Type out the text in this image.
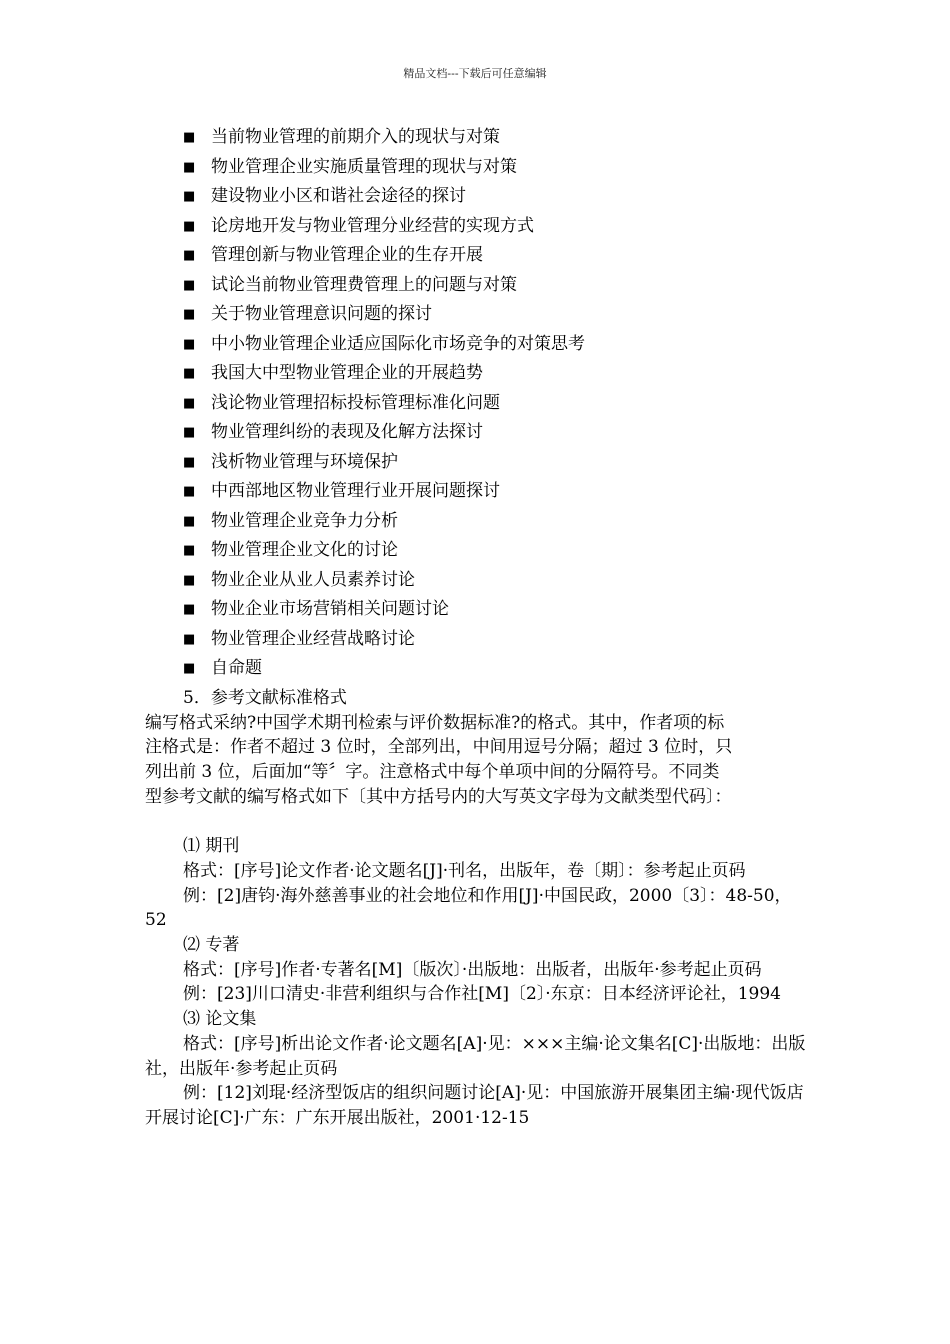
精品文档---下载后可任意编辑
■ 当前物业管理的前期介入的现状与对策
■ 物业管理企业实施质量管理的现状与对策
■ 建设物业小区和谐社会途径的探讨
■ 论房地开发与物业管理分业经营的实现方式
■ 管理创新与物业管理企业的生存开展
■ 试论当前物业管理费管理上的问题与对策
■ 关于物业管理意识问题的探讨
■ 中小物业管理企业适应国际化市场竞争的对策思考
■ 我国大中型物业管理企业的开展趋势
■ 浅论物业管理招标投标管理标准化问题
■ 物业管理纠纷的表现及化解方法探讨
■ 浅析物业管理与环境保护
■ 中西部地区物业管理行业开展问题探讨
■ 物业管理企业竞争力分析
■ 物业管理企业文化的讨论
■ 物业企业从业人员素养讨论
■ 物业企业市场营销相关问题讨论
■ 物业管理企业经营战略讨论
■ 自命题

5．参考文献标准格式

编写格式采纳?中国学术期刊检索与评价数据标准?的格式。其中，作者项的标
注格式是：作者不超过 3 位时，全部列出，中间用逗号分隔；超过 3 位时，只
列出前 3 位，后面加“等〞字。注意格式中每个单项中间的分隔符号。不同类
型参考文献的编写格式如下〔其中方括号内的大写英文字母为文献类型代码〕：

⑴ 期刊

格式：[序号]论文作者·论文题名[J]·刊名，出版年，卷〔期〕：参考起止页码

例：[2]唐钧·海外慈善事业的社会地位和作用[J]·中国民政，2000〔3〕：48-50，52

⑵ 专著

格式：[序号]作者·专著名[M]〔版次〕·出版地：出版者，出版年·参考起止页码

例：[23]川口清史·非营利组织与合作社[M]〔2〕·东京：日本经济评论社，1994

⑶ 论文集

格式：[序号]析出论文作者·论文题名[A]·见：×××主编·论文集名[C]·出版地：出版社，出版年·参考起止页码

例：[12]刘琨·经济型饭店的组织问题讨论[A]·见：中国旅游开展集团主编·现代饭店开展讨论[C]·广东：广东开展出版社，2001·12-15
